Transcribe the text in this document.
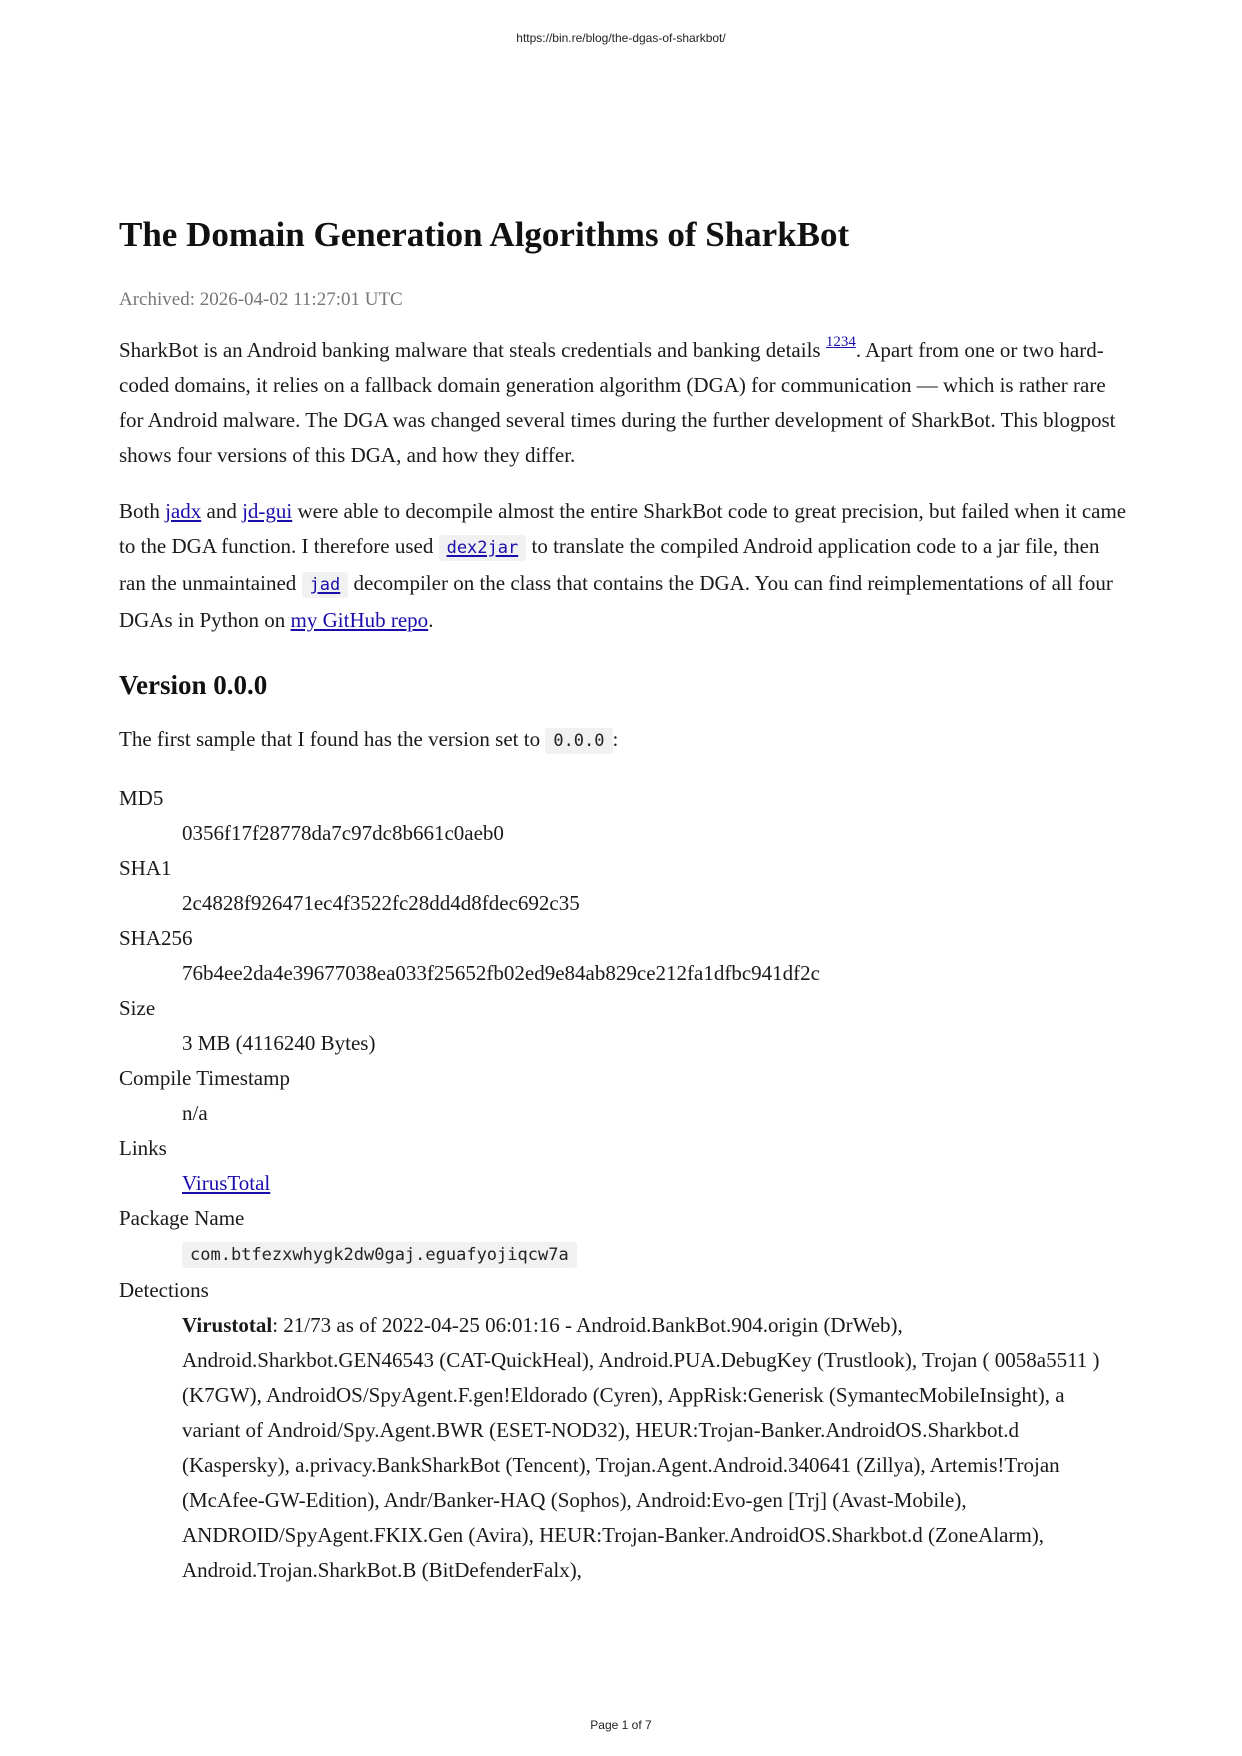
https://bin.re/blog/the-dgas-of-sharkbot/
The Domain Generation Algorithms of SharkBot
Archived: 2026-04-02 11:27:01 UTC

SharkBot is an Android banking malware that steals credentials and banking details $^{1234}$. Apart from one or two hard-coded domains, it relies on a fallback domain generation algorithm (DGA) for communication — which is rather rare for Android malware. The DGA was changed several times during the further development of SharkBot. This blogpost shows four versions of this DGA, and how they differ.

Both jadx and jd-gui were able to decompile almost the entire SharkBot code to great precision, but failed when it came to the DGA function. I therefore used dex2jar to translate the compiled Android application code to a jar file, then ran the unmaintained jad decompiler on the class that contains the DGA. You can find reimplementations of all four DGAs in Python on my GitHub repo.

Version 0.0.0

The first sample that I found has the version set to 0.0.0 :

MD5
0356f17f28778da7c97dc8b661c0aeb0
SHA1
2c4828f926471ec4f3522fc28dd4d8fdec692c35
SHA256
76b4ee2da4e39677038ea033f25652fb02ed9e84ab829ce212fa1dfbc941df2c
Size
3 MB (4116240 Bytes)
Compile Timestamp
n/a
Links
VirusTotal
Package Name
com.btfezxwhygk2dw0gaj.eguafyojiqcw7a
Detections
Virustotal: 21/73 as of 2022-04-25 06:01:16 - Android.BankBot.904.origin (DrWeb), Android.Sharkbot.GEN46543 (CAT-QuickHeal), Android.PUA.DebugKey (Trustlook), Trojan ( 0058a5511 ) (K7GW), AndroidOS/SpyAgent.F.gen!Eldorado (Cyren), AppRisk:Generisk (SymantecMobileInsight), a variant of Android/Spy.Agent.BWR (ESET-NOD32), HEUR:Trojan-Banker.AndroidOS.Sharkbot.d (Kaspersky), a.privacy.BankSharkBot (Tencent), Trojan.Agent.Android.340641 (Zillya), Artemis!Trojan (McAfee-GW-Edition), Andr/Banker-HAQ (Sophos), Android:Evo-gen [Trj] (Avast-Mobile), ANDROID/SpyAgent.FKIX.Gen (Avira), HEUR:Trojan-Banker.AndroidOS.Sharkbot.d (ZoneAlarm), Android.Trojan.SharkBot.B (BitDefenderFalx),
Page 1 of 7
